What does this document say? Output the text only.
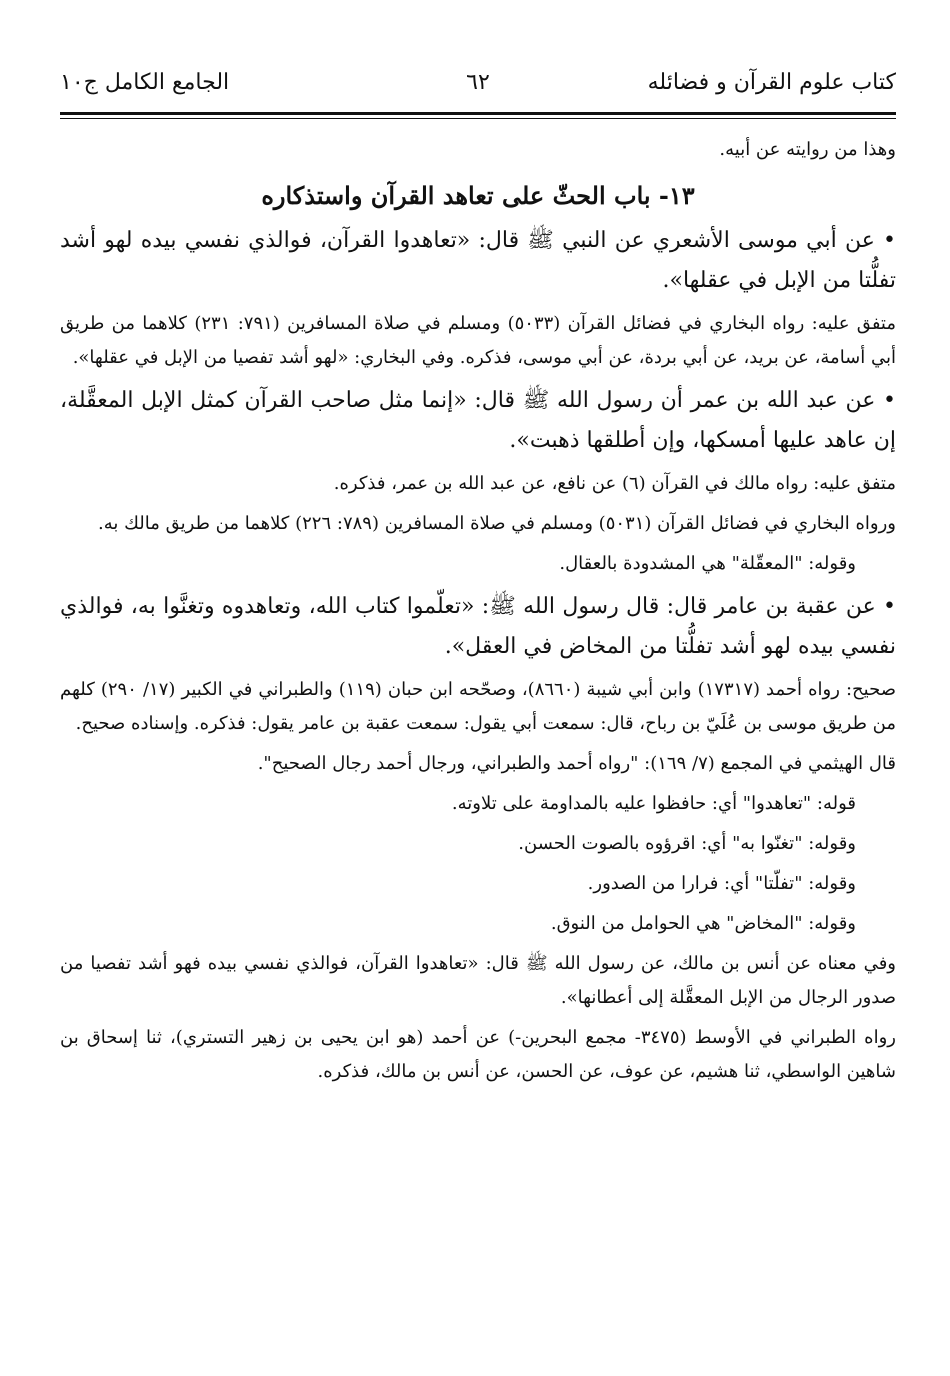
كتاب علوم القرآن و فضائله
٦٢
الجامع الكامل ج١٠

وهذا من روايته عن أبيه.

١٣- باب الحثّ على تعاهد القرآن واستذكاره

• عن أبي موسى الأشعري عن النبي ﷺ قال: «تعاهدوا القرآن، فوالذي نفسي بيده لهو أشد تفلُّتا من الإبل في عقلها».

متفق عليه: رواه البخاري في فضائل القرآن (٥٠٣٣) ومسلم في صلاة المسافرين (٧٩١: ٢٣١) كلاهما من طريق أبي أسامة، عن بريد، عن أبي بردة، عن أبي موسى، فذكره. وفي البخاري: «لهو أشد تفصيا من الإبل في عقلها».

• عن عبد الله بن عمر أن رسول الله ﷺ قال: «إنما مثل صاحب القرآن كمثل الإبل المعقَّلة، إن عاهد عليها أمسكها، وإن أطلقها ذهبت».

متفق عليه: رواه مالك في القرآن (٦) عن نافع، عن عبد الله بن عمر، فذكره.

ورواه البخاري في فضائل القرآن (٥٠٣١) ومسلم في صلاة المسافرين (٧٨٩: ٢٢٦) كلاهما من طريق مالك به.

وقوله: "المعقّلة" هي المشدودة بالعقال.

• عن عقبة بن عامر قال: قال رسول الله ﷺ: «تعلّموا كتاب الله، وتعاهدوه وتغنَّوا به، فوالذي نفسي بيده لهو أشد تفلُّتا من المخاض في العقل».

صحيح: رواه أحمد (١٧٣١٧) وابن أبي شيبة (٨٦٦٠)، وصحّحه ابن حبان (١١٩) والطبراني في الكبير (١٧/ ٢٩٠) كلهم من طريق موسى بن عُلَيّ بن رباح، قال: سمعت أبي يقول: سمعت عقبة بن عامر يقول: فذكره. وإسناده صحيح.

قال الهيثمي في المجمع (٧/ ١٦٩): "رواه أحمد والطبراني، ورجال أحمد رجال الصحيح".

قوله: "تعاهدوا" أي: حافظوا عليه بالمداومة على تلاوته.

وقوله: "تغنّوا به" أي: اقرؤوه بالصوت الحسن.

وقوله: "تفلّتا" أي: فرارا من الصدور.

وقوله: "المخاض" هي الحوامل من النوق.

وفي معناه عن أنس بن مالك، عن رسول الله ﷺ قال: «تعاهدوا القرآن، فوالذي نفسي بيده فهو أشد تفصيا من صدور الرجال من الإبل المعقَّلة إلى أعطانها».

رواه الطبراني في الأوسط (٣٤٧٥- مجمع البحرين-) عن أحمد (هو ابن يحيى بن زهير التستري)، ثنا إسحاق بن شاهين الواسطي، ثنا هشيم، عن عوف، عن الحسن، عن أنس بن مالك، فذكره.
